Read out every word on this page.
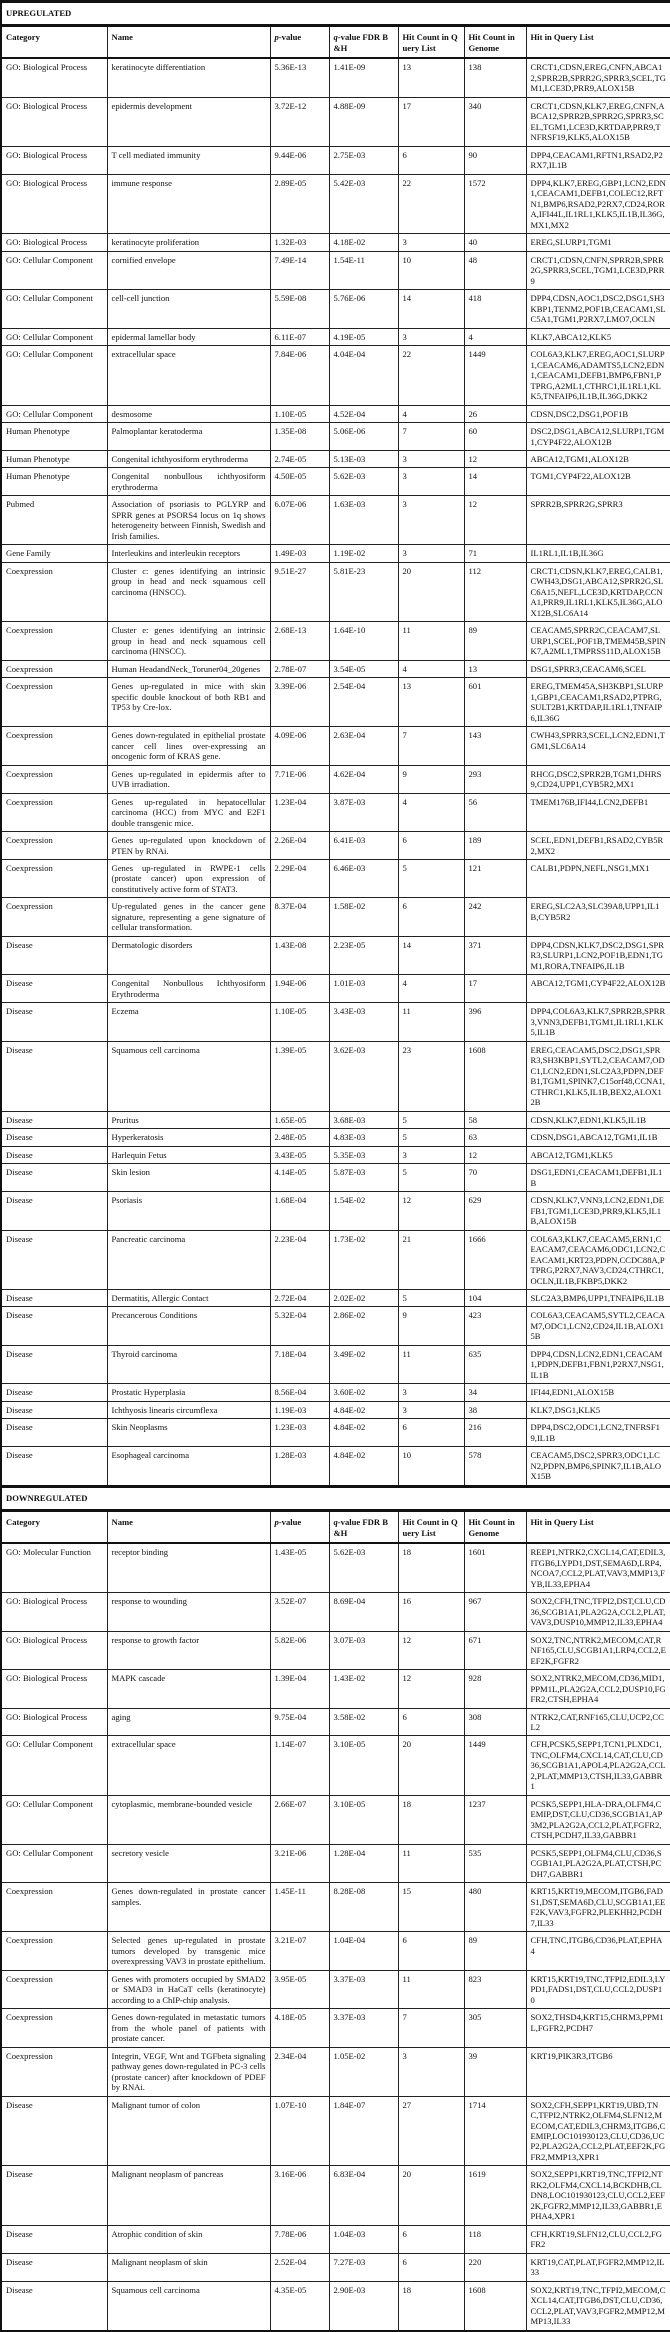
UPREGULATED						
Category	Name	p-value	q-value FDR B&H	Hit Count in Query List	Hit Count in Genome	Hit in Query List
GO: Biological Process	keratinocyte differentiation	5.36E-13	1.41E-09	13	138	CRCT1,CDSN,EREG,CNFN,ABCA12,SPRR2B,SPRR2G,SPRR3,SCEL,TGM1,LCE3D,PRR9,ALOX15B
GO: Biological Process	epidermis development	3.72E-12	4.88E-09	17	340	CRCT1,CDSN,KLK7,EREG,CNFN,ABCA12,SPRR2B,SPRR2G,SPRR3,SCEL,TGM1,LCE3D,KRTDAP,PRR9,TNFRSF19,KLK5,ALOX15B
GO: Biological Process	T cell mediated immunity	9.44E-06	2.75E-03	6	90	DPP4,CEACAM1,RFTN1,RSAD2,P2RX7,IL1B
GO: Biological Process	immune response	2.89E-05	5.42E-03	22	1572	DPP4,KLK7,EREG,GBP1,LCN2,EDN1,CEACAM1,DEFB1,COLEC12,RFTN1,BMP6,RSAD2,P2RX7,CD24,RORA,IFI44L,IL1RL1,KLK5,IL1B,IL36G,MX1,MX2
GO: Biological Process	keratinocyte proliferation	1.32E-03	4.18E-02	3	40	EREG,SLURP1,TGM1
GO: Cellular Component	cornified envelope	7.49E-14	1.54E-11	10	48	CRCT1,CDSN,CNFN,SPRR2B,SPRR2G,SPRR3,SCEL,TGM1,LCE3D,PRR9
GO: Cellular Component	cell-cell junction	5.59E-08	5.76E-06	14	418	DPP4,CDSN,AOC1,DSC2,DSG1,SH3KBP1,TENM2,POF1B,CEACAM1,SLC5A1,TGM1,P2RX7,LMO7,OCLN
GO: Cellular Component	epidermal lamellar body	6.11E-07	4.19E-05	3	4	KLK7,ABCA12,KLK5
GO: Cellular Component	extracellular space	7.84E-06	4.04E-04	22	1449	COL6A3,KLK7,EREG,AOC1,SLURP1,CEACAM6,ADAMTS5,LCN2,EDN1,CEACAM1,DEFB1,BMP6,FBN1,PTPRG,A2ML1,CTHRC1,IL1RL1,KLK5,TNFAIP6,IL1B,IL36G,DKK2
GO: Cellular Component	desmosome	1.10E-05	4.52E-04	4	26	CDSN,DSC2,DSG1,POF1B
Human Phenotype	Palmoplantar keratoderma	1.35E-08	5.06E-06	7	60	DSC2,DSG1,ABCA12,SLURP1,TGM1,CYP4F22,ALOX12B
Human Phenotype	Congenital ichthyosiform erythroderma	2.74E-05	5.13E-03	3	12	ABCA12,TGM1,ALOX12B
Human Phenotype	Congenital nonbullous ichthyosiform erythroderma	4.50E-05	5.62E-03	3	14	TGM1,CYP4F22,ALOX12B
Pubmed	Association of psoriasis to PGLYRP and SPRR genes at PSORS4 locus on 1q shows heterogeneity between Finnish, Swedish and Irish families.	6.07E-06	1.63E-03	3	12	SPRR2B,SPRR2G,SPRR3
Gene Family	Interleukins and interleukin receptors	1.49E-03	1.19E-02	3	71	IL1RL1,IL1B,IL36G
Coexpression	Cluster c: genes identifying an intrinsic group in head and neck squamous cell carcinoma (HNSCC).	9.51E-27	5.81E-23	20	112	CRCT1,CDSN,KLK7,EREG,CALB1,CWH43,DSG1,ABCA12,SPRR2G,SLC6A15,NEFL,LCE3D,KRTDAP,CCNA1,PRR9,IL1RL1,KLK5,IL36G,ALOX12B,SLC6A14
Coexpression	Cluster e: genes identifying an intrinsic group in head and neck squamous cell carcinoma (HNSCC).	2.68E-13	1.64E-10	11	89	CEACAM5,SPRR2C,CEACAM7,SLURP1,SCEL,POF1B,TMEM45B,SPINK7,A2ML1,TMPRSS11D,ALOX15B
Coexpression	Human HeadandNeck_Toruner04_20genes	2.78E-07	3.54E-05	4	13	DSG1,SPRR3,CEACAM6,SCEL
Coexpression	Genes up-regulated in mice with skin specific double knockout of both RB1 and TP53 by Cre-lox.	3.39E-06	2.54E-04	13	601	EREG,TMEM45A,SH3KBP1,SLURP1,GBP1,CEACAM1,RSAD2,PTPRG,SULT2B1,KRTDAP,IL1RL1,TNFAIP6,IL36G
Coexpression	Genes down-regulated in epithelial prostate cancer cell lines over-expressing an oncogenic form of KRAS gene.	4.09E-06	2.63E-04	7	143	CWH43,SPRR3,SCEL,LCN2,EDN1,TGM1,SLC6A14
Coexpression	Genes up-regulated in epidermis after to UVB irradiation.	7.71E-06	4.62E-04	9	293	RHCG,DSC2,SPRR2B,TGM1,DHRS9,CD24,UPP1,CYB5R2,MX1
Coexpression	Genes up-regulated in hepatocellular carcinoma (HCC) from MYC and E2F1 double transgenic mice.	1.23E-04	3.87E-03	4	56	TMEM176B,IFI44,LCN2,DEFB1
Coexpression	Genes up-regulated upon knockdown of PTEN by RNAi.	2.26E-04	6.41E-03	6	189	SCEL,EDN1,DEFB1,RSAD2,CYB5R2,MX2
Coexpression	Genes up-regulated in RWPE-1 cells (prostate cancer) upon expression of constitutively active form of STAT3.	2.29E-04	6.46E-03	5	121	CALB1,PDPN,NEFL,NSG1,MX1
Coexpression	Up-regulated genes in the cancer gene signature, representing a gene signature of cellular transformation.	8.37E-04	1.58E-02	6	242	EREG,SLC2A3,SLC39A8,UPP1,IL1B,CYB5R2
Disease	Dermatologic disorders	1.43E-08	2.23E-05	14	371	DPP4,CDSN,KLK7,DSC2,DSG1,SPRR3,SLURP1,LCN2,POF1B,EDN1,TGM1,RORA,TNFAIP6,IL1B
Disease	Congenital Nonbullous Ichthyosiform Erythroderma	1.94E-06	1.01E-03	4	17	ABCA12,TGM1,CYP4F22,ALOX12B
Disease	Eczema	1.10E-05	3.43E-03	11	396	DPP4,COL6A3,KLK7,SPRR2B,SPRR3,VNN3,DEFB1,TGM1,IL1RL1,KLK5,IL1B
Disease	Squamous cell carcinoma	1.39E-05	3.62E-03	23	1608	EREG,CEACAM5,DSC2,DSG1,SPRR3,SH3KBP1,SYTL2,CEACAM7,ODC1,LCN2,EDN1,SLC2A3,PDPN,DEFB1,TGM1,SPINK7,C15orf48,CCNA1,CTHRC1,KLK5,IL1B,BEX2,ALOX12B
Disease	Pruritus	1.65E-05	3.68E-03	5	58	CDSN,KLK7,EDN1,KLK5,IL1B
Disease	Hyperkeratosis	2.48E-05	4.83E-03	5	63	CDSN,DSG1,ABCA12,TGM1,IL1B
Disease	Harlequin Fetus	3.43E-05	5.35E-03	3	12	ABCA12,TGM1,KLK5
Disease	Skin lesion	4.14E-05	5.87E-03	5	70	DSG1,EDN1,CEACAM1,DEFB1,IL1B
Disease	Psoriasis	1.68E-04	1.54E-02	12	629	CDSN,KLK7,VNN3,LCN2,EDN1,DEFB1,TGM1,LCE3D,PRR9,KLK5,IL1B,ALOX15B
Disease	Pancreatic carcinoma	2.23E-04	1.73E-02	21	1666	COL6A3,KLK7,CEACAM5,ERN1,CEACAM7,CEACAM6,ODC1,LCN2,CEACAM1,KRT23,PDPN,CCDC88A,PTPRG,P2RX7,NAV3,CD24,CTHRC1,OCLN,IL1B,FKBP5,DKK2
Disease	Dermatitis, Allergic Contact	2.72E-04	2.02E-02	5	104	SLC2A3,BMP6,UPP1,TNFAIP6,IL1B
Disease	Precancerous Conditions	5.32E-04	2.86E-02	9	423	COL6A3,CEACAM5,SYTL2,CEACAM7,ODC1,LCN2,CD24,IL1B,ALOX15B
Disease	Thyroid carcinoma	7.18E-04	3.49E-02	11	635	DPP4,CDSN,LCN2,EDN1,CEACAM1,PDPN,DEFB1,FBN1,P2RX7,NSG1,IL1B
Disease	Prostatic Hyperplasia	8.56E-04	3.60E-02	3	34	IFI44,EDN1,ALOX15B
Disease	Ichthyosis linearis circumflexa	1.19E-03	4.84E-02	3	38	KLK7,DSG1,KLK5
Disease	Skin Neoplasms	1.23E-03	4.84E-02	6	216	DPP4,DSC2,ODC1,LCN2,TNFRSF19,IL1B
Disease	Esophageal carcinoma	1.28E-03	4.84E-02	10	578	CEACAM5,DSC2,SPRR3,ODC1,LCN2,PDPN,BMP6,SPINK7,IL1B,ALOX15B
DOWNREGULATED						
Category	Name	p-value	q-value FDR B&H	Hit Count in Query List	Hit Count in Genome	Hit in Query List
GO: Molecular Function	receptor binding	1.43E-05	5.62E-03	18	1601	REEP1,NTRK2,CXCL14,CAT,EDIL3,ITGB6,LYPD1,DST,SEMA6D,LRP4,NCOA7,CCL2,PLAT,VAV3,MMP13,FYB,IL33,EPHA4
GO: Biological Process	response to wounding	3.52E-07	8.69E-04	16	967	SOX2,CFH,TNC,TFPI2,DST,CLU,CD36,SCGB1A1,PLA2G2A,CCL2,PLAT,VAV3,DUSP10,MMP12,IL33,EPHA4
GO: Biological Process	response to growth factor	5.82E-06	3.07E-03	12	671	SOX2,TNC,NTRK2,MECOM,CAT,RNF165,CLU,SCGB1A1,LRP4,CCL2,EEF2K,FGFR2
GO: Biological Process	MAPK cascade	1.39E-04	1.43E-02	12	928	SOX2,NTRK2,MECOM,CD36,MID1,PPM1L,PLA2G2A,CCL2,DUSP10,FGFR2,CTSH,EPHA4
GO: Biological Process	aging	9.75E-04	3.58E-02	6	308	NTRK2,CAT,RNF165,CLU,UCP2,CCL2
GO: Cellular Component	extracellular space	1.14E-07	3.10E-05	20	1449	CFH,PCSK5,SEPP1,TCN1,PLXDC1,TNC,OLFM4,CXCL14,CAT,CLU,CD36,SCGB1A1,APOL4,PLA2G2A,CCL2,PLAT,MMP13,CTSH,IL33,GABBR1
GO: Cellular Component	cytoplasmic, membrane-bounded vesicle	2.66E-07	3.10E-05	18	1237	PCSK5,SEPP1,HLA-DRA,OLFM4,CEMIP,DST,CLU,CD36,SCGB1A1,AP3M2,PLA2G2A,CCL2,PLAT,FGFR2,CTSH,PCDH7,IL33,GABBR1
GO: Cellular Component	secretory vesicle	3.21E-06	1.28E-04	11	535	PCSK5,SEPP1,OLFM4,CLU,CD36,SCGB1A1,PLA2G2A,PLAT,CTSH,PCDH7,GABBR1
Coexpression	Genes down-regulated in prostate cancer samples.	1.45E-11	8.28E-08	15	480	KRT15,KRT19,MECOM,ITGB6,FADS1,DST,SEMA6D,CLU,SCGB1A1,EEF2K,VAV3,FGFR2,PLEKHH2,PCDH7,IL33
Coexpression	Selected genes up-regulated in prostate tumors developed by transgenic mice overexpressing VAV3 in prostate epithelium.	3.21E-07	1.04E-04	6	89	CFH,TNC,ITGB6,CD36,PLAT,EPHA4
Coexpression	Genes with promoters occupied by SMAD2 or SMAD3 in HaCaT cells (keratinocyte) according to a ChIP-chip analysis.	3.95E-05	3.37E-03	11	823	KRT15,KRT19,TNC,TFPI2,EDIL3,LYPD1,FADS1,DST,CLU,CCL2,DUSP10
Coexpression	Genes down-regulated in metastatic tumors from the whole panel of patients with prostate cancer.	4.18E-05	3.37E-03	7	305	SOX2,THSD4,KRT15,CHRM3,PPM1L,FGFR2,PCDH7
Coexpression	Integrin, VEGF, Wnt and TGFbeta signaling pathway genes down-regulated in PC-3 cells (prostate cancer) after knockdown of PDEF by RNAi.	2.34E-04	1.05E-02	3	39	KRT19,PIK3R3,ITGB6
Disease	Malignant tumor of colon	1.07E-10	1.84E-07	27	1714	SOX2,CFH,SEPP1,KRT19,UBD,TNC,TFPI2,NTRK2,OLFM4,SLFN12,MECOM,CAT,EDIL3,CHRM3,ITGB6,CEMIP,LOC101930123,CLU,CD36,UCP2,PLA2G2A,CCL2,PLAT,EEF2K,FGFR2,MMP13,XPR1
Disease	Malignant neoplasm of pancreas	3.16E-06	6.83E-04	20	1619	SOX2,SEPP1,KRT19,TNC,TFPI2,NTRK2,OLFM4,CXCL14,BCKDHB,CLDN8,LOC101930123,CLU,CCL2,EEF2K,FGFR2,MMP12,IL33,GABBR1,EPHA4,XPR1
Disease	Atrophic condition of skin	7.78E-06	1.04E-03	6	118	CFH,KRT19,SLFN12,CLU,CCL2,FGFR2
Disease	Malignant neoplasm of skin	2.52E-04	7.27E-03	6	220	KRT19,CAT,PLAT,FGFR2,MMP12,IL33
Disease	Squamous cell carcinoma	4.35E-05	2.90E-03	18	1608	SOX2,KRT19,TNC,TFPI2,MECOM,CXCL14,CAT,ITGB6,DST,CLU,CD36,CCL2,PLAT,VAV3,FGFR2,MMP12,MMP13,IL33
